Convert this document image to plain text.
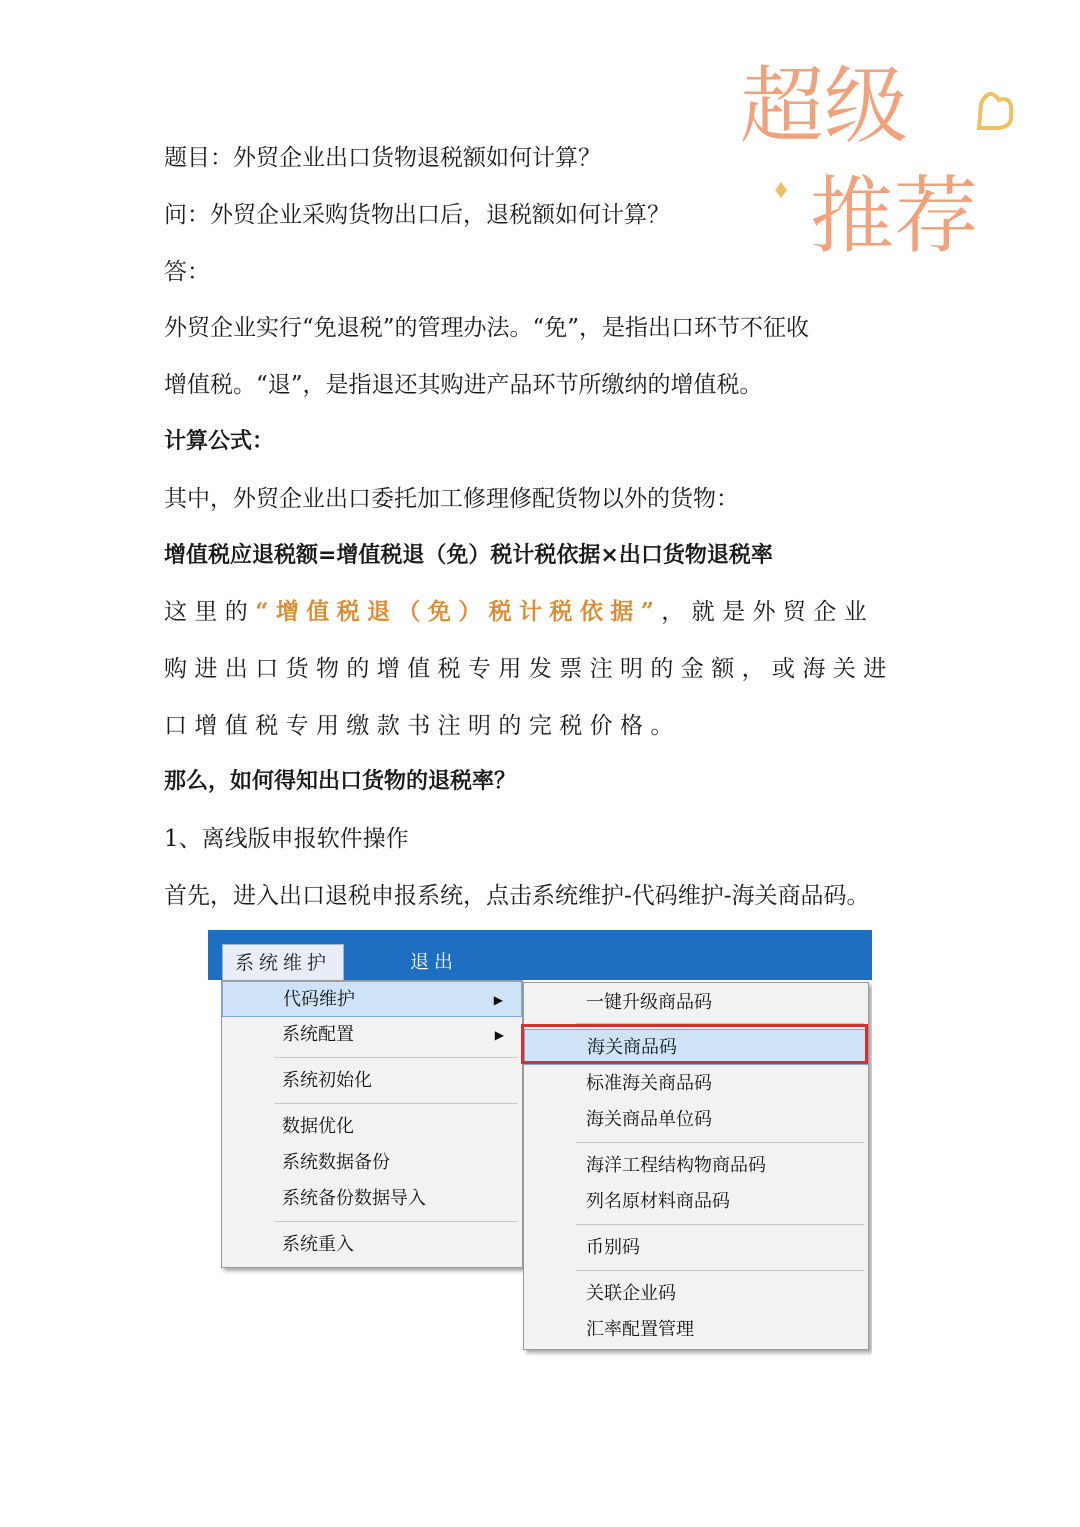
超级
推荐

题目：外贸企业出口货物退税额如何计算？

问：外贸企业采购货物出口后，退税额如何计算？

答：

外贸企业实行“免退税”的管理办法。“免”，是指出口环节不征收

增值税。“退”，是指退还其购进产品环节所缴纳的增值税。

计算公式：

其中，外贸企业出口委托加工修理修配货物以外的货物：

增值税应退税额=增值税退（免）税计税依据×出口货物退税率

这里的“增值税退（免）税计税依据”，就是外贸企业

购进出口货物的增值税专用发票注明的金额，或海关进

口增值税专用缴款书注明的完税价格。

那么，如何得知出口货物的退税率？

1、离线版申报软件操作

首先，进入出口退税申报系统，点击系统维护-代码维护-海关商品码。

系统维护	退出
代码维护	▶
系统配置	▶
系统初始化
数据优化
系统数据备份
系统备份数据导入
系统重入
一键升级商品码
海关商品码
标准海关商品码
海关商品单位码
海洋工程结构物商品码
列名原材料商品码
币别码
关联企业码
汇率配置管理
